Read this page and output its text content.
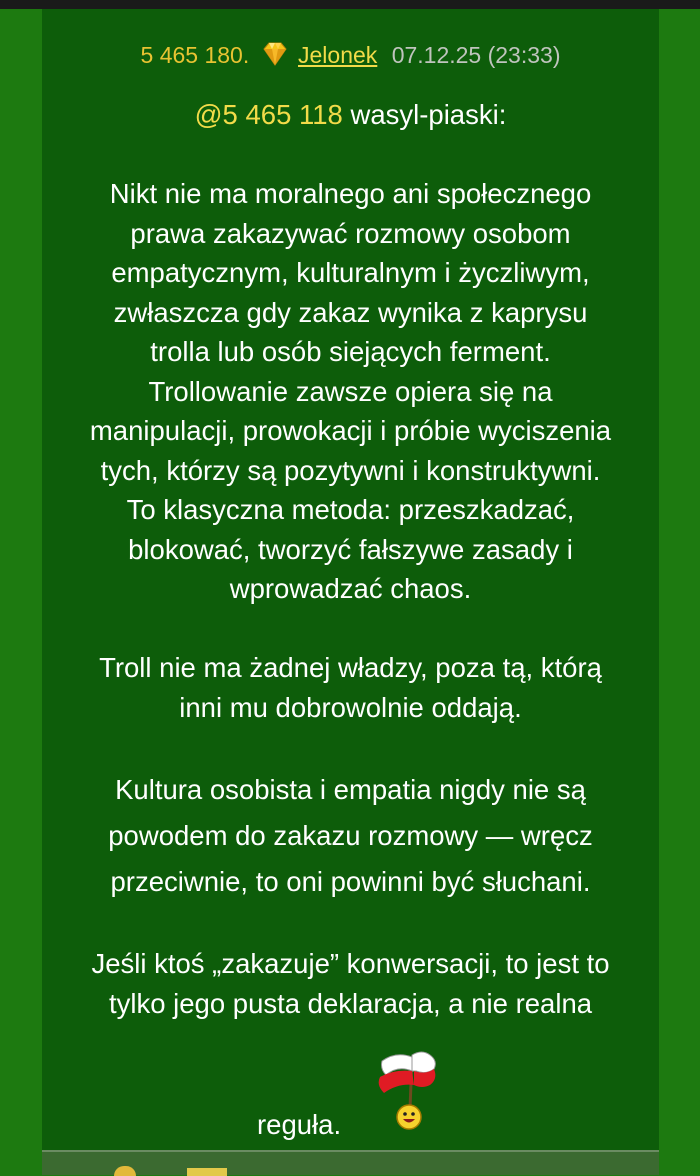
5 465 180. Jelonek 07.12.25 (23:33)

@5 465 118 wasyl-piaski:

Nikt nie ma moralnego ani społecznego
prawa zakazywać rozmowy osobom
empatycznym, kulturalnym i życzliwym,
zwłaszcza gdy zakaz wynika z kaprysu
trolla lub osób siejących ferment.
Trollowanie zawsze opiera się na
manipulacji, prowokacji i próbie wyciszenia
tych, którzy są pozytywni i konstruktywni.
To klasyczna metoda: przeszkadzać,
blokować, tworzyć fałszywe zasady i
wprowadzać chaos.

Troll nie ma żadnej władzy, poza tą, którą
inni mu dobrowolnie oddają.

Kultura osobista i empatia nigdy nie są
powodem do zakazu rozmowy — wręcz
przeciwnie, to oni powinni być słuchani.

Jeśli ktoś „zakazuje” konwersacji, to jest to
tylko jego pusta deklaracja, a nie realna

reguła.
